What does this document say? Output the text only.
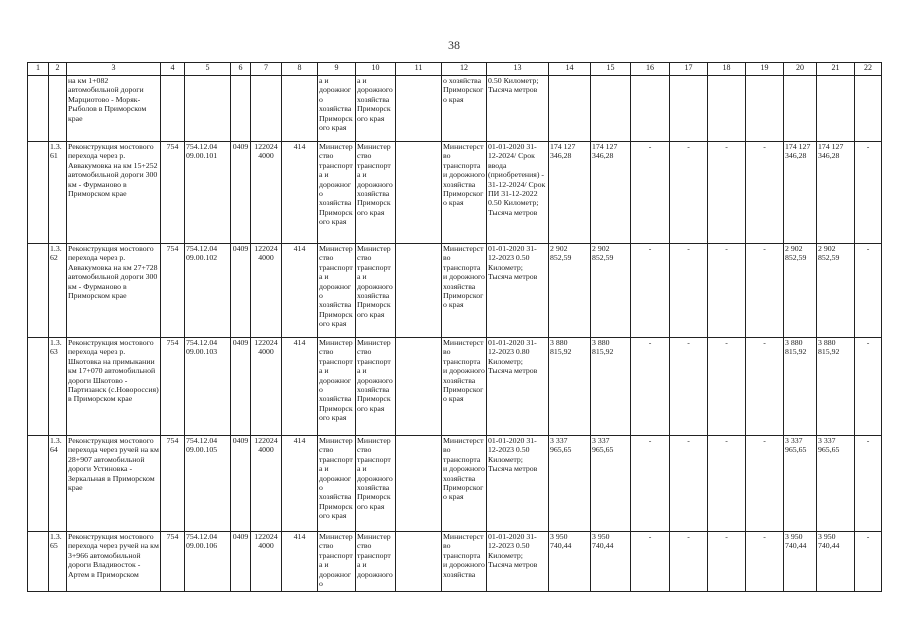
38
1	2	3	4	5	6	7	8	9	10	11	12	13	14	15	16	17	18	19	20	21	22

		на км 1+082 автомобильной дороги Марциотово - Моряк-Рыболов в Приморском крае						а и дорожного хозяйства Приморского края	а и дорожного хозяйства Приморского края		о хозяйства Приморского края	0.50 Километр; Тысяча метров									

	1.3.61	Реконструкция мостового перехода через р. Аввакумовка на км 15+252 автомобильной дороги 300 км - Фурманово в Приморском крае	754	754.12.04 09.00.101	0409	122024 4000	414	Министерство транспорта и дорожного хозяйства Приморского края	Министерство транспорта и дорожного хозяйства Приморского края		Министерство транспорта и дорожного хозяйства Приморского края	01-01-2020 31-12-2024/ Срок ввода (приобретения) - 31-12-2024/ Срок ПИ 31-12-2022 0.50 Километр; Тысяча метров	174 127 346,28	174 127 346,28	-	-	-	-	174 127 346,28	174 127 346,28	-

	1.3.62	Реконструкция мостового перехода через р. Аввакумовка на км 27+728 автомобильной дороги 300 км - Фурманово в Приморском крае	754	754.12.04 09.00.102	0409	122024 4000	414	Министерство транспорта и дорожного хозяйства Приморского края	Министерство транспорта и дорожного хозяйства Приморского края		Министерство транспорта и дорожного хозяйства Приморского края	01-01-2020 31-12-2023 0.50 Километр; Тысяча метров	2 902 852,59	2 902 852,59	-	-	-	-	2 902 852,59	2 902 852,59	-

	1.3.63	Реконструкция мостового перехода через р. Шкотовка на примыкании км 17+070 автомобильной дороги Шкотово - Партизанск (с.Новороссия) в Приморском крае	754	754.12.04 09.00.103	0409	122024 4000	414	Министерство транспорта и дорожного хозяйства Приморского края	Министерство транспорта и дорожного хозяйства Приморского края		Министерство транспорта и дорожного хозяйства Приморского края	01-01-2020 31-12-2023 0.80 Километр; Тысяча метров	3 880 815,92	3 880 815,92	-	-	-	-	3 880 815,92	3 880 815,92	-

	1.3.64	Реконструкция мостового перехода через ручей на км 28+907 автомобильной дороги Устиновка - Зеркальная в Приморском крае	754	754.12.04 09.00.105	0409	122024 4000	414	Министерство транспорта и дорожного хозяйства Приморского края	Министерство транспорта и дорожного хозяйства Приморского края		Министерство транспорта и дорожного хозяйства Приморского края	01-01-2020 31-12-2023 0.50 Километр; Тысяча метров	3 337 965,65	3 337 965,65	-	-	-	-	3 337 965,65	3 337 965,65	-

	1.3.65	Реконструкция мостового перехода через ручей на км 3+966 автомобильной дороги Владивосток - Артем в Приморском	754	754.12.04 09.00.106	0409	122024 4000	414	Министерство транспорта и дорожного	Министерство транспорта и дорожного		Министерство транспорта и дорожного хозяйства	01-01-2020 31-12-2023 0.50 Километр; Тысяча метров	3 950 740,44	3 950 740,44	-	-	-	-	3 950 740,44	3 950 740,44	-
